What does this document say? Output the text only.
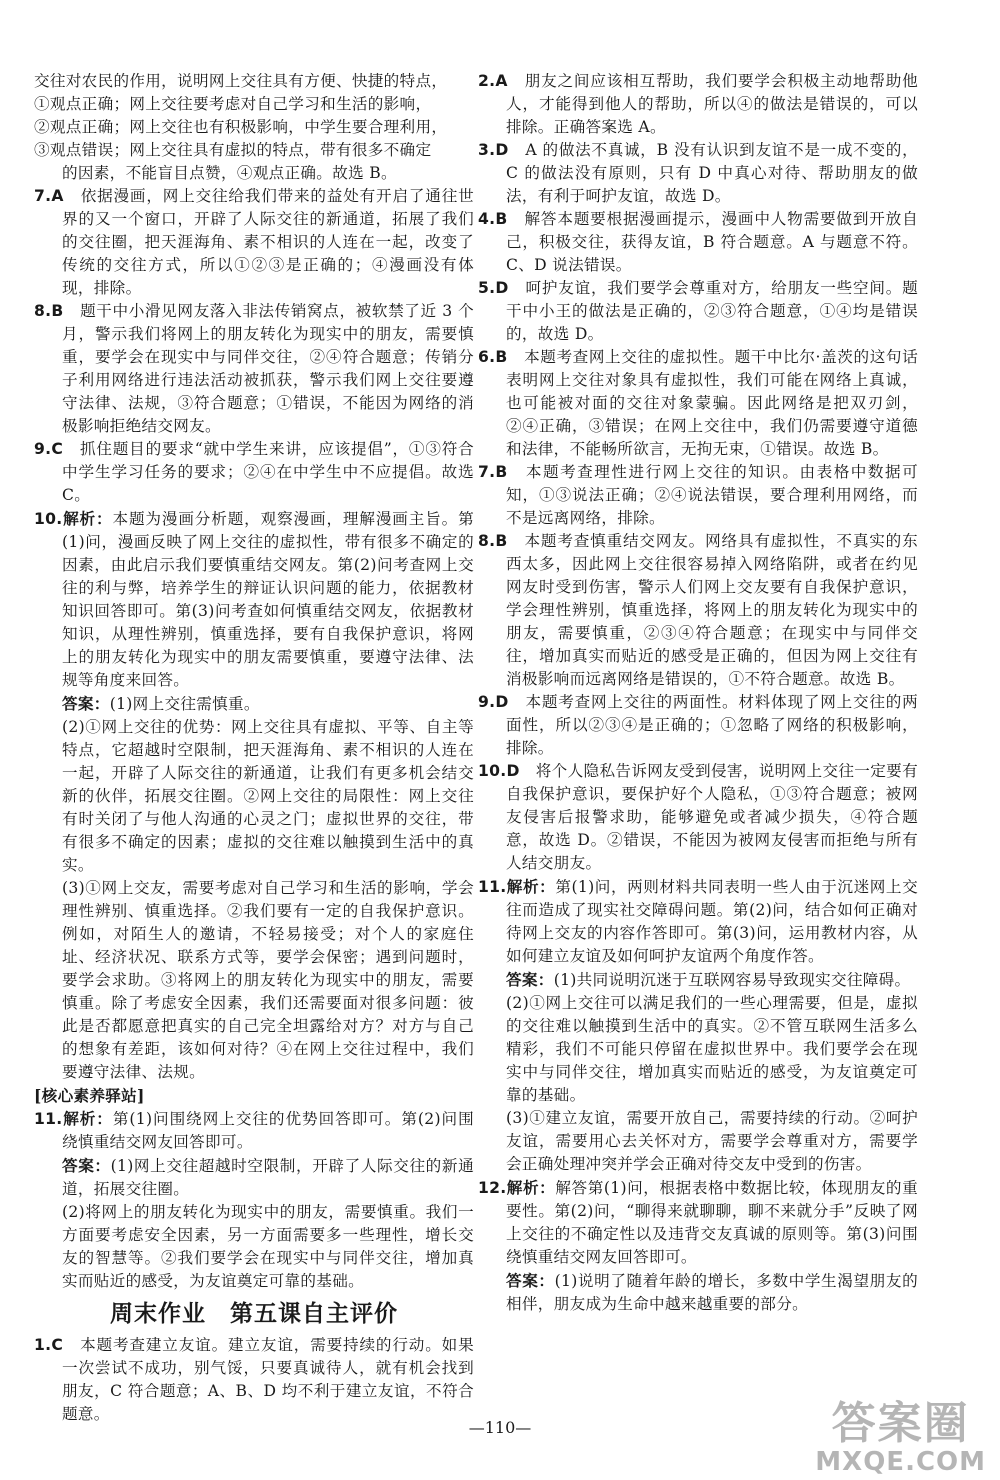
交往对农民的作用，说明网上交往具有方便、快捷的特点，

①观点正确；网上交往要考虑对自己学习和生活的影响，

②观点正确；网上交往也有积极影响，中学生要合理利用，

③观点错误；网上交往具有虚拟的特点，带有很多不确定

的因素，不能盲目点赞，④观点正确。故选 B。

7.A　 依据漫画，网上交往给我们带来的益处有开启了通往世界的又一个窗口，开辟了人际交往的新通道，拓展了我们的交往圈，把天涯海角、素不相识的人连在一起，改变了传统的交往方式，所以①②③是正确的；④漫画没有体现，排除。

8.B　 题干中小滑见网友落入非法传销窝点，被软禁了近 3 个月，警示我们将网上的朋友转化为现实中的朋友，需要慎重，要学会在现实中与同伴交往，②④符合题意；传销分子利用网络进行违法活动被抓获，警示我们网上交往要遵守法律、法规，③符合题意；①错误，不能因为网络的消极影响拒绝结交网友。

9.C　 抓住题目的要求“就中学生来讲，应该提倡”，①③符合中学生学习任务的要求；②④在中学生中不应提倡。故选 C。

10.解析：本题为漫画分析题，观察漫画，理解漫画主旨。第(1)问，漫画反映了网上交往的虚拟性，带有很多不确定的因素，由此启示我们要慎重结交网友。第(2)问考查网上交往的利与弊，培养学生的辩证认识问题的能力，依据教材知识回答即可。第(3)问考查如何慎重结交网友，依据教材知识，从理性辨别，慎重选择，要有自我保护意识，将网上的朋友转化为现实中的朋友需要慎重，要遵守法律、法规等角度来回答。

答案：(1)网上交往需慎重。

(2)①网上交往的优势：网上交往具有虚拟、平等、自主等特点，它超越时空限制，把天涯海角、素不相识的人连在一起，开辟了人际交往的新通道，让我们有更多机会结交新的伙伴，拓展交往圈。②网上交往的局限性：网上交往有时关闭了与他人沟通的心灵之门；虚拟世界的交往，带有很多不确定的因素；虚拟的交往难以触摸到生活中的真实。

(3)①网上交友，需要考虑对自己学习和生活的影响，学会理性辨别、慎重选择。②我们要有一定的自我保护意识。例如，对陌生人的邀请，不轻易接受；对个人的家庭住址、经济状况、联系方式等，要学会保密；遇到问题时，要学会求助。③将网上的朋友转化为现实中的朋友，需要慎重。除了考虑安全因素，我们还需要面对很多问题：彼此是否都愿意把真实的自己完全坦露给对方？对方与自己的想象有差距，该如何对待？④在网上交往过程中，我们要遵守法律、法规。

[核心素养驿站]

11.解析：第(1)问围绕网上交往的优势回答即可。第(2)问围绕慎重结交网友回答即可。

答案：(1)网上交往超越时空限制，开辟了人际交往的新通道，拓展交往圈。

(2)将网上的朋友转化为现实中的朋友，需要慎重。我们一方面要考虑安全因素，另一方面需要多一些理性，增长交友的智慧等。②我们要学会在现实中与同伴交往，增加真实而贴近的感受，为友谊奠定可靠的基础。

周末作业　第五课自主评价

1.C　 本题考查建立友谊。建立友谊，需要持续的行动。如果一次尝试不成功，别气馁，只要真诚待人，就有机会找到朋友，C 符合题意；A、B、D 均不利于建立友谊，不符合题意。

2.A　 朋友之间应该相互帮助，我们要学会积极主动地帮助他人，才能得到他人的帮助，所以④的做法是错误的，可以排除。正确答案选 A。

3.D　 A 的做法不真诚，B 没有认识到友谊不是一成不变的，C 的做法没有原则，只有 D 中真心对待、帮助朋友的做法，有利于呵护友谊，故选 D。

4.B　 解答本题要根据漫画提示，漫画中人物需要做到开放自己，积极交往，获得友谊，B 符合题意。A 与题意不符。C、D 说法错误。

5.D　 呵护友谊，我们要学会尊重对方，给朋友一些空间。题干中小王的做法是正确的，②③符合题意，①④均是错误的，故选 D。

6.B　 本题考查网上交往的虚拟性。题干中比尔·盖茨的这句话表明网上交往对象具有虚拟性，我们可能在网络上真诚，也可能被对面的交往对象蒙骗。因此网络是把双刃剑，②④正确，③错误；在网上交往中，我们仍需要遵守道德和法律，不能畅所欲言，无拘无束，①错误。故选 B。

7.B　 本题考查理性进行网上交往的知识。由表格中数据可知，①③说法正确；②④说法错误，要合理利用网络，而不是远离网络，排除。

8.B　 本题考查慎重结交网友。网络具有虚拟性，不真实的东西太多，因此网上交往很容易掉入网络陷阱，或者在约见网友时受到伤害，警示人们网上交友要有自我保护意识，学会理性辨别，慎重选择，将网上的朋友转化为现实中的朋友，需要慎重，②③④符合题意；在现实中与同伴交往，增加真实而贴近的感受是正确的，但因为网上交往有消极影响而远离网络是错误的，①不符合题意。故选 B。

9.D　 本题考查网上交往的两面性。材料体现了网上交往的两面性，所以②③④是正确的；①忽略了网络的积极影响，排除。

10.D　 将个人隐私告诉网友受到侵害，说明网上交往一定要有自我保护意识，要保护好个人隐私，①③符合题意；被网友侵害后报警求助，能够避免或者减少损失，④符合题意，故选 D。②错误，不能因为被网友侵害而拒绝与所有人结交朋友。

11.解析：第(1)问，两则材料共同表明一些人由于沉迷网上交往而造成了现实社交障碍问题。第(2)问，结合如何正确对待网上交友的内容作答即可。第(3)问，运用教材内容，从如何建立友谊及如何呵护友谊两个角度作答。

答案：(1)共同说明沉迷于互联网容易导致现实交往障碍。

(2)①网上交往可以满足我们的一些心理需要，但是，虚拟的交往难以触摸到生活中的真实。②不管互联网生活多么精彩，我们不可能只停留在虚拟世界中。我们要学会在现实中与同伴交往，增加真实而贴近的感受，为友谊奠定可靠的基础。

(3)①建立友谊，需要开放自己，需要持续的行动。②呵护友谊，需要用心去关怀对方，需要学会尊重对方，需要学会正确处理冲突并学会正确对待交友中受到的伤害。

12.解析：解答第(1)问，根据表格中数据比较，体现朋友的重要性。第(2)问，“聊得来就聊聊，聊不来就分手”反映了网上交往的不确定性以及违背交友真诚的原则等。第(3)问围绕慎重结交网友回答即可。

答案：(1)说明了随着年龄的增长，多数中学生渴望朋友的相伴，朋友成为生命中越来越重要的部分。

—110—	答案圈
MXQE.COM
